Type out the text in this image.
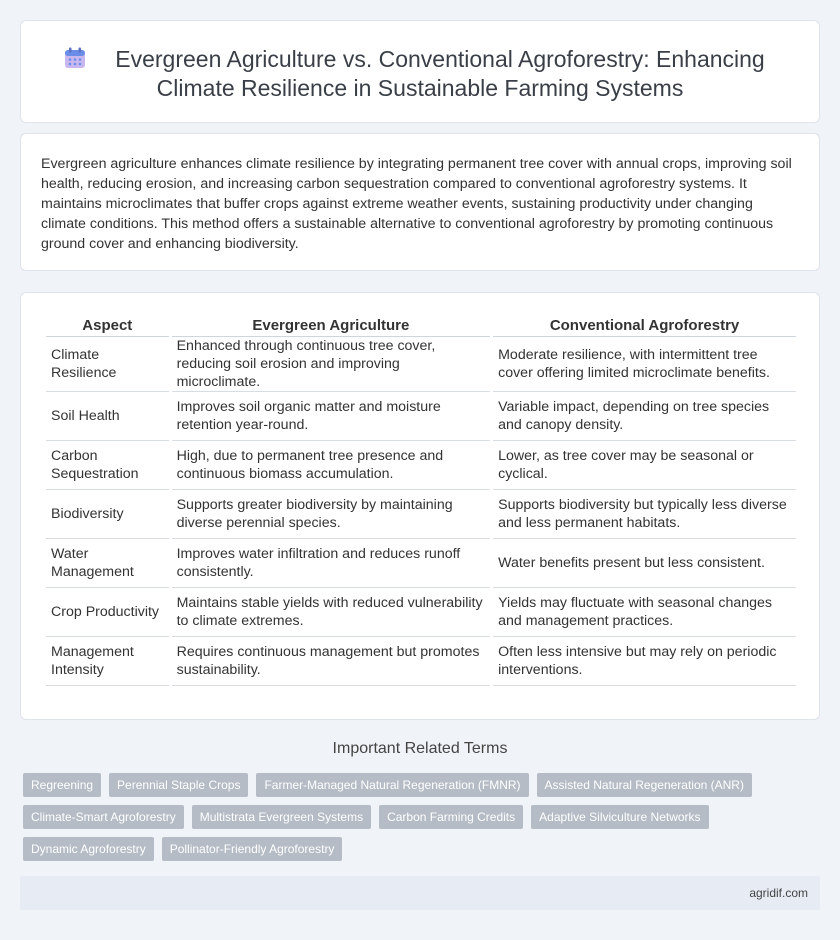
Evergreen Agriculture vs. Conventional Agroforestry: Enhancing
Climate Resilience in Sustainable Farming Systems
Evergreen agriculture enhances climate resilience by integrating permanent tree cover with annual crops, improving soil health, reducing erosion, and increasing carbon sequestration compared to conventional agroforestry systems. It maintains microclimates that buffer crops against extreme weather events, sustaining productivity under changing climate conditions. This method offers a sustainable alternative to conventional agroforestry by promoting continuous ground cover and enhancing biodiversity.
Aspect	Evergreen Agriculture	Conventional Agroforestry
Climate Resilience	Enhanced through continuous tree cover, reducing soil erosion and improving microclimate.	Moderate resilience, with intermittent tree cover offering limited microclimate benefits.
Soil Health	Improves soil organic matter and moisture retention year-round.	Variable impact, depending on tree species and canopy density.
Carbon Sequestration	High, due to permanent tree presence and continuous biomass accumulation.	Lower, as tree cover may be seasonal or cyclical.
Biodiversity	Supports greater biodiversity by maintaining diverse perennial species.	Supports biodiversity but typically less diverse and less permanent habitats.
Water Management	Improves water infiltration and reduces runoff consistently.	Water benefits present but less consistent.
Crop Productivity	Maintains stable yields with reduced vulnerability to climate extremes.	Yields may fluctuate with seasonal changes and management practices.
Management Intensity	Requires continuous management but promotes sustainability.	Often less intensive but may rely on periodic interventions.
Important Related Terms
Regreening	Perennial Staple Crops	Farmer-Managed Natural Regeneration (FMNR)	Assisted Natural Regeneration (ANR)
Climate-Smart Agroforestry	Multistrata Evergreen Systems	Carbon Farming Credits	Adaptive Silviculture Networks
Dynamic Agroforestry	Pollinator-Friendly Agroforestry
agridif.com
